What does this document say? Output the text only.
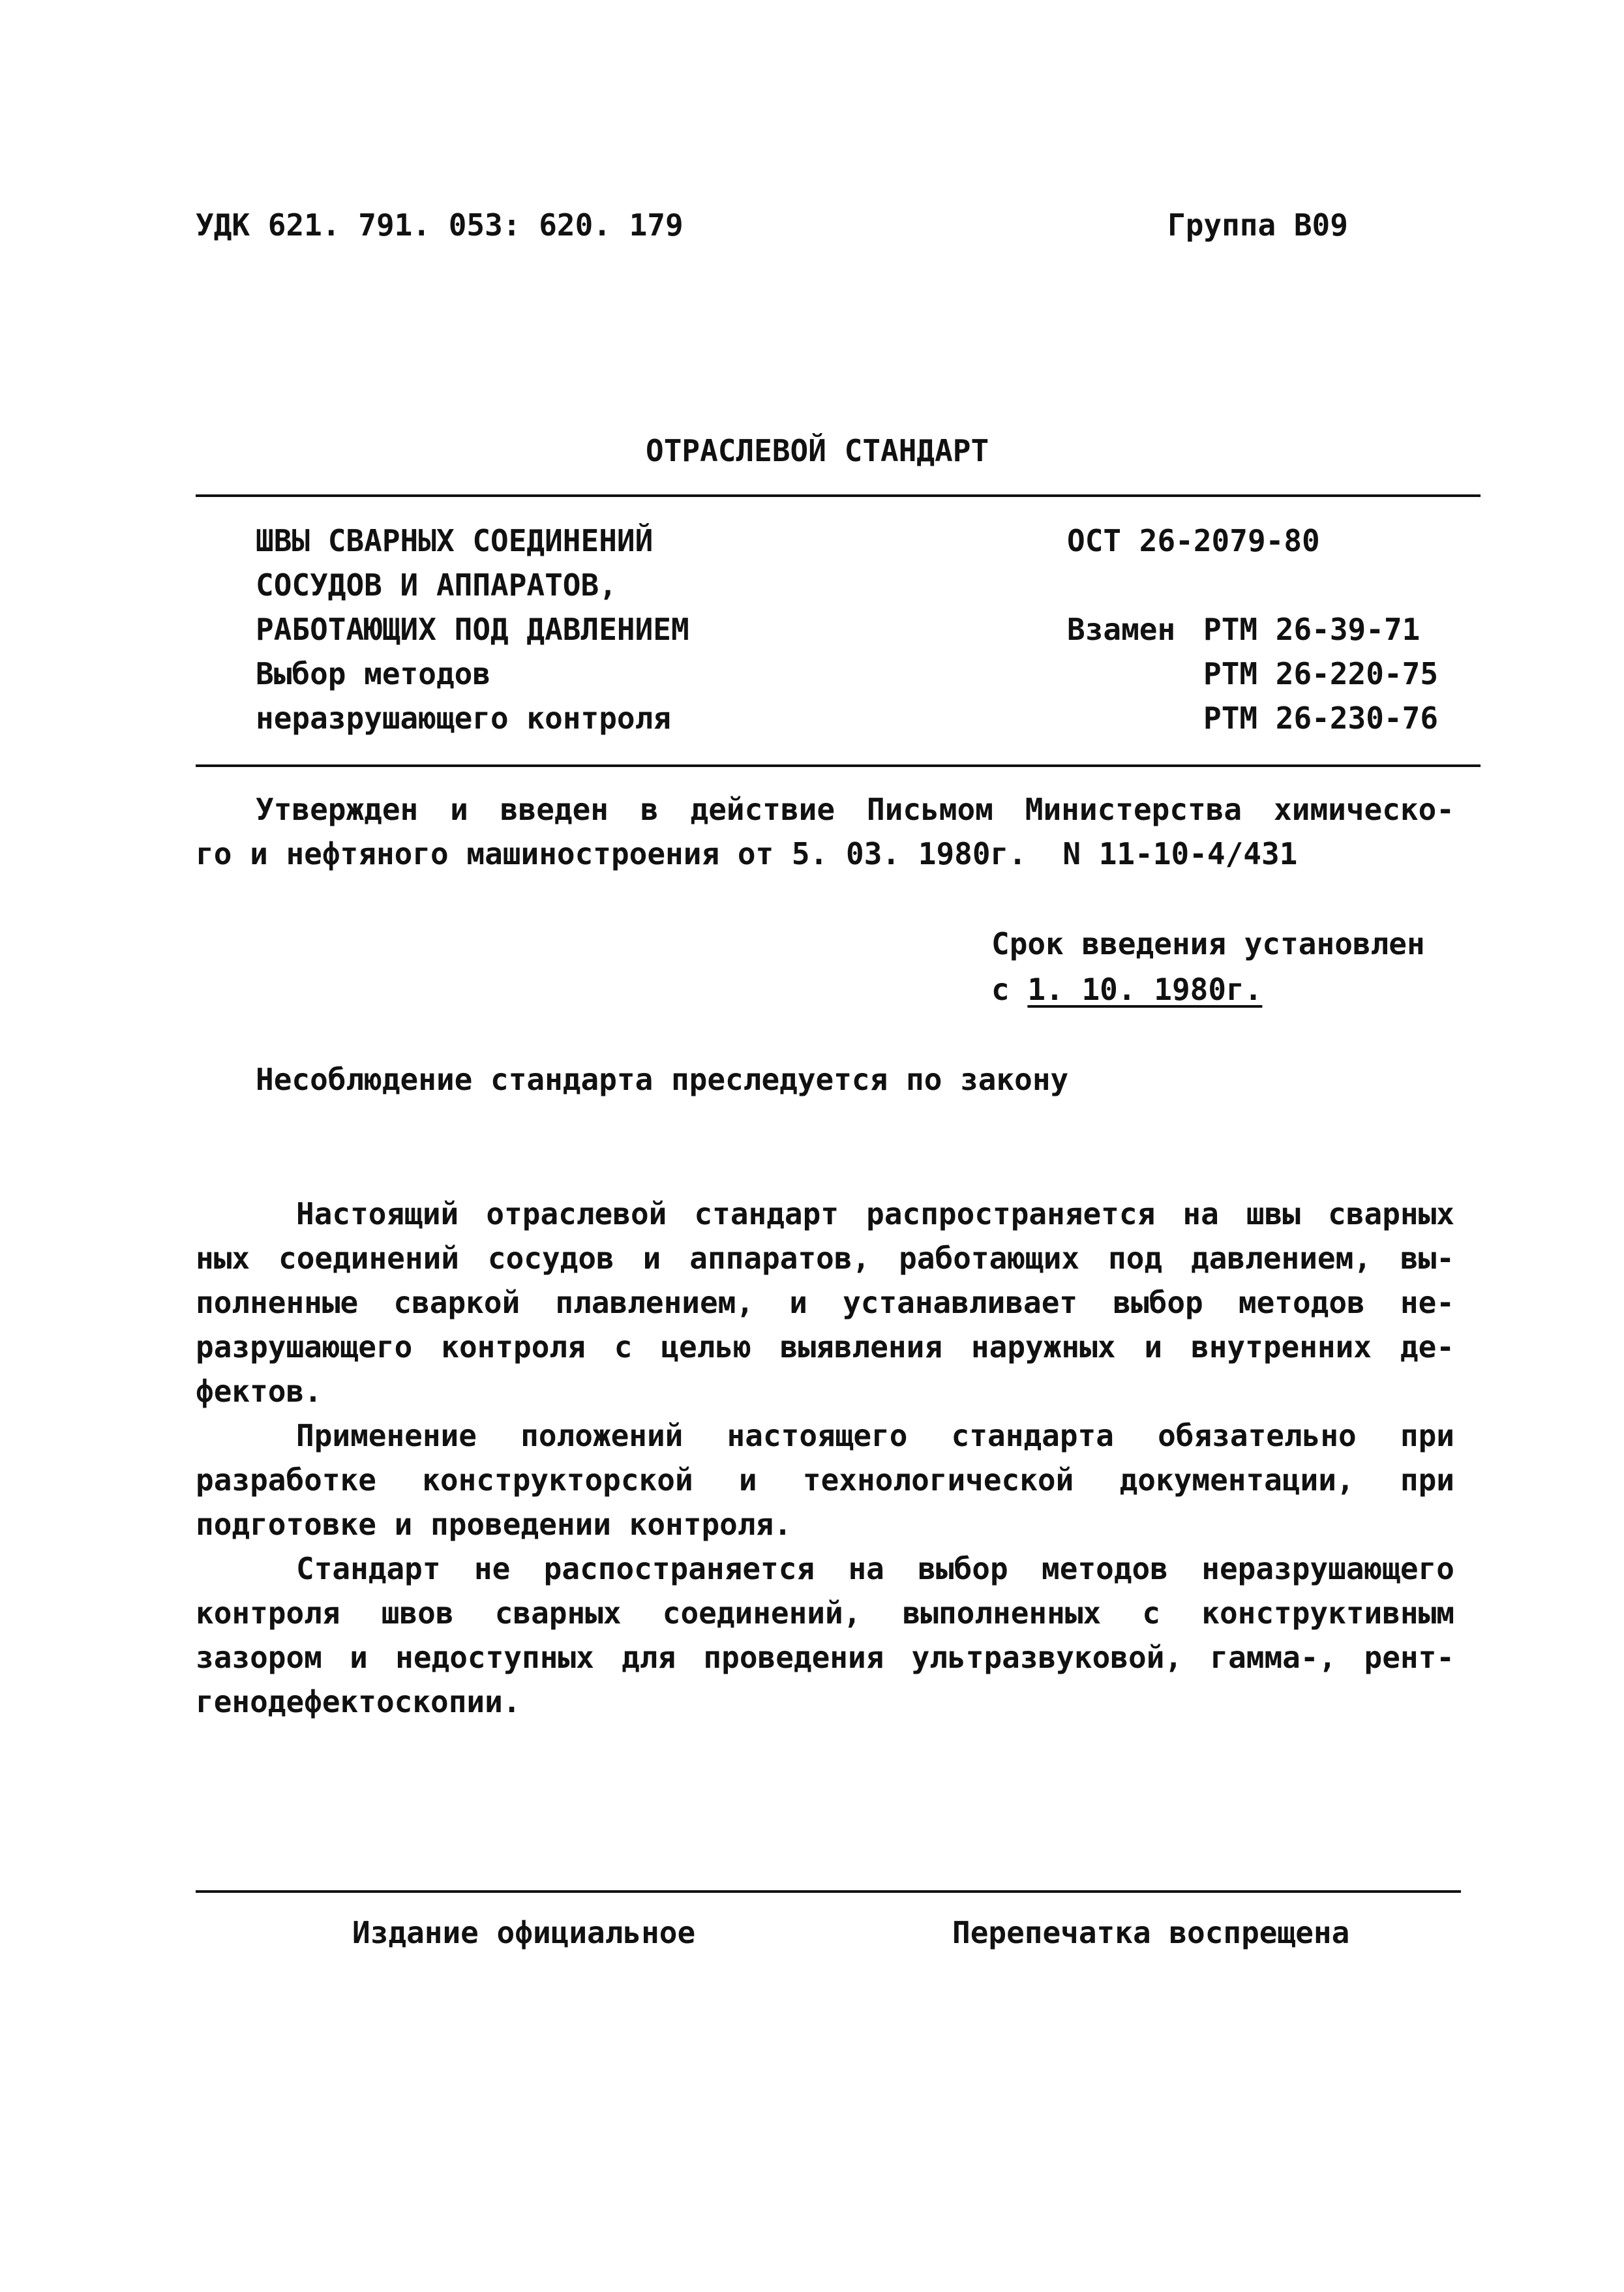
УДК 621. 791. 053: 620. 179	Группа В09
ОТРАСЛЕВОЙ СТАНДАРТ
ШВЫ СВАРНЫХ СОЕДИНЕНИЙ
СОСУДОВ И АППАРАТОВ,
РАБОТАЮЩИХ ПОД ДАВЛЕНИЕМ
Выбор методов
неразрушающего контроля
ОСТ 26-2079-80
Взамен РТМ 26-39-71
РТМ 26-220-75
РТМ 26-230-76
Утвержден и введен в действие Письмом Министерства химическо-
го и нефтяного машиностроения от 5. 03. 1980г.  N 11-10-4/431
Срок введения установлен
с 1. 10. 1980г.
Несоблюдение стандарта преследуется по закону
Настоящий отраслевой стандарт распространяется на швы сварных
ных соединений сосудов и аппаратов, работающих под давлением, вы-
полненные сваркой плавлением, и устанавливает выбор методов не-
разрушающего контроля с целью выявления наружных и внутренних де-
фектов.
Применение положений настоящего стандарта обязательно при
разработке конструкторской и технологической документации, при
подготовке и проведении контроля.
Стандарт не распостраняется на выбор методов неразрушающего
контроля швов сварных соединений, выполненных с конструктивным
зазором и недоступных для проведения ультразвуковой, гамма-, рент-
генодефектоскопии.
Издание официальное	Перепечатка воспрещена
